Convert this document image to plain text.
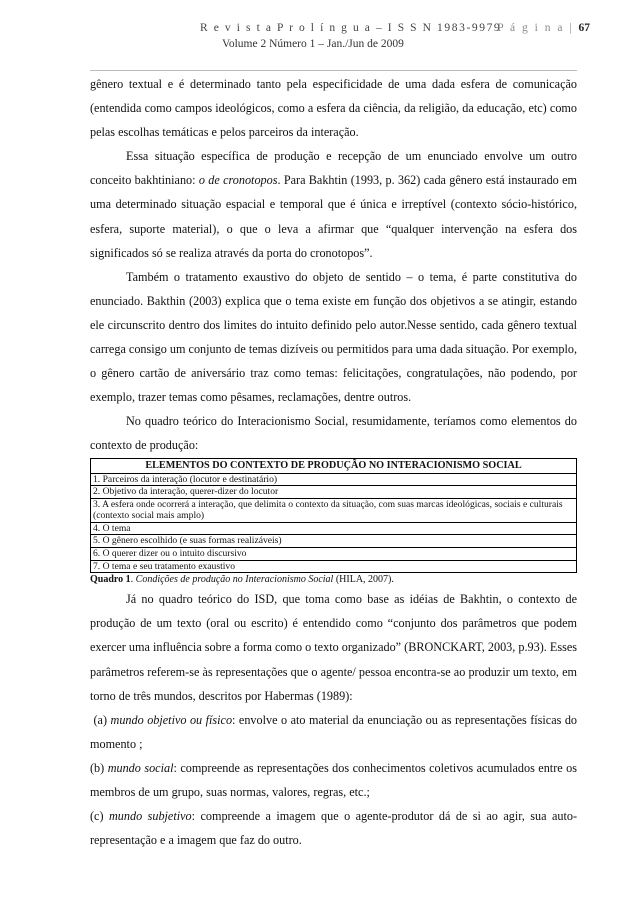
R e v i s t a P r o l í n g u a – I S S N 1983-9979
P á g i n a | 67
Volume 2 Número 1 – Jan./Jun de 2009

gênero textual e é determinado tanto pela especificidade de uma dada esfera de comunicação (entendida como campos ideológicos, como a esfera da ciência, da religião, da educação, etc) como pelas escolhas temáticas e pelos parceiros da interação.

Essa situação específica de produção e recepção de um enunciado envolve um outro conceito bakhtiniano: o de cronotopos. Para Bakhtin (1993, p. 362) cada gênero está instaurado em uma determinado situação espacial e temporal que é única e irreptível (contexto sócio-histórico, esfera, suporte material), o que o leva a afirmar que “qualquer intervenção na esfera dos significados só se realiza através da porta do cronotopos”.

Também o tratamento exaustivo do objeto de sentido – o tema, é parte constitutiva do enunciado. Bakthin (2003) explica que o tema existe em função dos objetivos a se atingir, estando ele circunscrito dentro dos limites do intuito definido pelo autor.Nesse sentido, cada gênero textual carrega consigo um conjunto de temas dizíveis ou permitidos para uma dada situação. Por exemplo, o gênero cartão de aniversário traz como temas: felicitações, congratulações, não podendo, por exemplo, trazer temas como pêsames, reclamações, dentre outros.

No quadro teórico do Interacionismo Social, resumidamente, teríamos como elementos do contexto de produção:

ELEMENTOS DO CONTEXTO DE PRODUÇÃO NO INTERACIONISMO SOCIAL
1. Parceiros da interação (locutor e destinatário)
2. Objetivo da interação, querer-dizer do locutor
3. A esfera onde ocorrerá a interação, que delimita o contexto da situação, com suas marcas ideológicas, sociais e culturais (contexto social mais amplo)
4. O tema
5. O gênero escolhido (e suas formas realizáveis)
6. O querer dizer ou o intuito discursivo
7. O tema e seu tratamento exaustivo

Quadro 1. Condições de produção no Interacionismo Social (HILA, 2007).

Já no quadro teórico do ISD, que toma como base as idéias de Bakhtin, o contexto de produção de um texto (oral ou escrito) é entendido como “conjunto dos parâmetros que podem exercer uma influência sobre a forma como o texto organizado” (BRONCKART, 2003, p.93). Esses parâmetros referem-se às representações que o agente/ pessoa encontra-se ao produzir um texto, em torno de três mundos, descritos por Habermas (1989):

(a) mundo objetivo ou físico: envolve o ato material da enunciação ou as representações físicas do momento ;

(b) mundo social: compreende as representações dos conhecimentos coletivos acumulados entre os membros de um grupo, suas normas, valores, regras, etc.;

(c) mundo subjetivo: compreende a imagem que o agente-produtor dá de si ao agir, sua auto-representação e a imagem que faz do outro.
